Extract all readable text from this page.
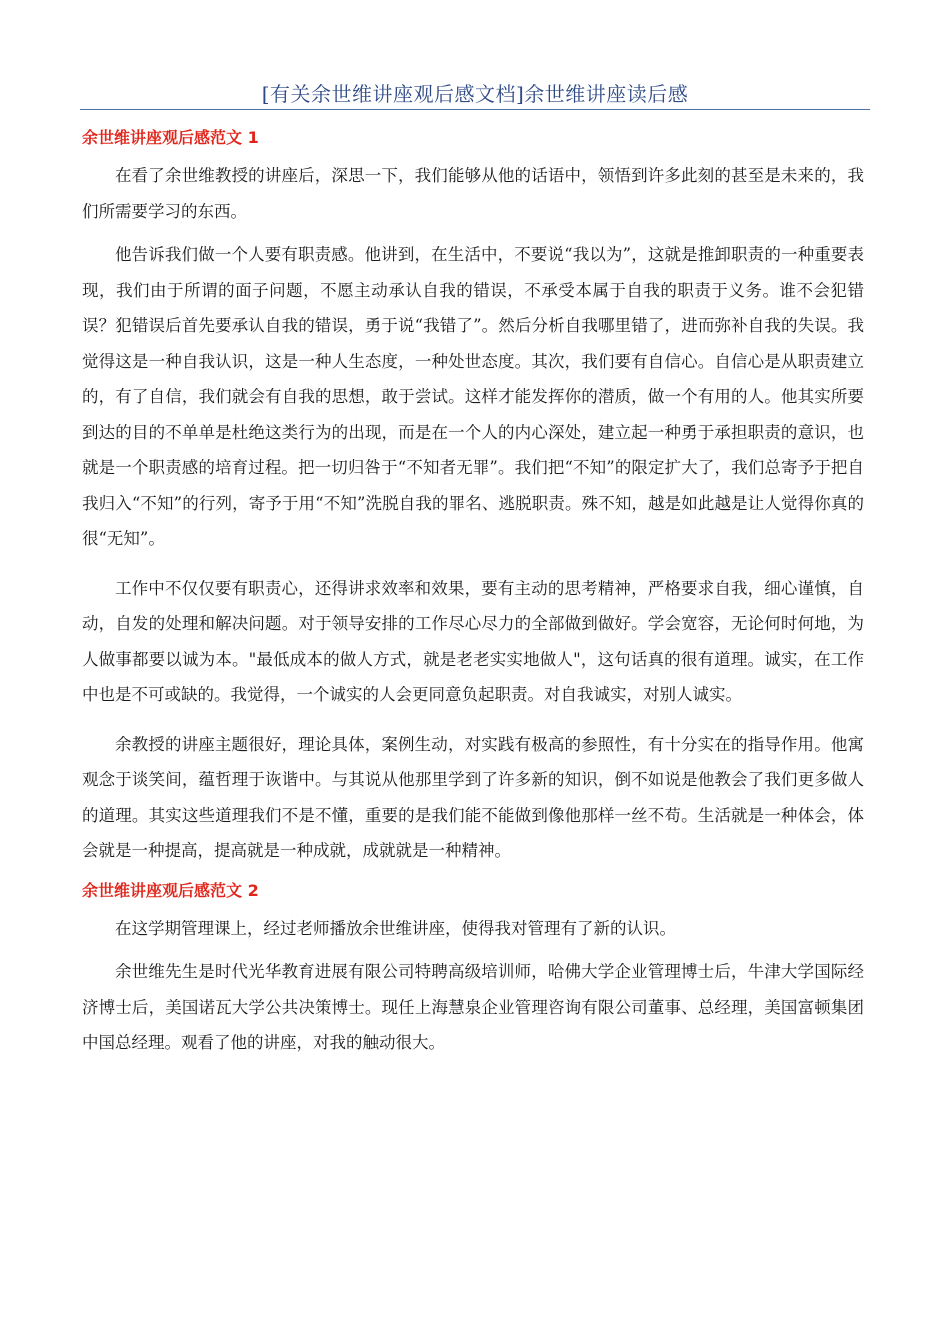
[有关余世维讲座观后感文档]余世维讲座读后感
余世维讲座观后感范文 1

在看了余世维教授的讲座后，深思一下，我们能够从他的话语中，领悟到许多此刻的甚至是未来的，我们所需要学习的东西。

他告诉我们做一个人要有职责感。他讲到，在生活中，不要说“我以为”，这就是推卸职责的一种重要表现，我们由于所谓的面子问题，不愿主动承认自我的错误，不承受本属于自我的职责于义务。谁不会犯错误？犯错误后首先要承认自我的错误，勇于说“我错了”。然后分析自我哪里错了，进而弥补自我的失误。我觉得这是一种自我认识，这是一种人生态度，一种处世态度。其次，我们要有自信心。自信心是从职责建立的，有了自信，我们就会有自我的思想，敢于尝试。这样才能发挥你的潜质，做一个有用的人。他其实所要到达的目的不单单是杜绝这类行为的出现，而是在一个人的内心深处，建立起一种勇于承担职责的意识，也就是一个职责感的培育过程。把一切归咎于“不知者无罪”。我们把“不知”的限定扩大了，我们总寄予于把自我归入“不知”的行列，寄予于用“不知”洗脱自我的罪名、逃脱职责。殊不知，越是如此越是让人觉得你真的很“无知”。

工作中不仅仅要有职责心，还得讲求效率和效果，要有主动的思考精神，严格要求自我，细心谨慎，自动，自发的处理和解决问题。对于领导安排的工作尽心尽力的全部做到做好。学会宽容，无论何时何地，为人做事都要以诚为本。"最低成本的做人方式，就是老老实实地做人"，这句话真的很有道理。诚实，在工作中也是不可或缺的。我觉得，一个诚实的人会更同意负起职责。对自我诚实，对别人诚实。

余教授的讲座主题很好，理论具体，案例生动，对实践有极高的参照性，有十分实在的指导作用。他寓观念于谈笑间，蕴哲理于诙谐中。与其说从他那里学到了许多新的知识，倒不如说是他教会了我们更多做人的道理。其实这些道理我们不是不懂，重要的是我们能不能做到像他那样一丝不苟。生活就是一种体会，体会就是一种提高，提高就是一种成就，成就就是一种精神。

余世维讲座观后感范文 2

在这学期管理课上，经过老师播放余世维讲座，使得我对管理有了新的认识。

余世维先生是时代光华教育进展有限公司特聘高级培训师，哈佛大学企业管理博士后，牛津大学国际经济博士后，美国诺瓦大学公共决策博士。现任上海慧泉企业管理咨询有限公司董事、总经理，美国富顿集团中国总经理。观看了他的讲座，对我的触动很大。
